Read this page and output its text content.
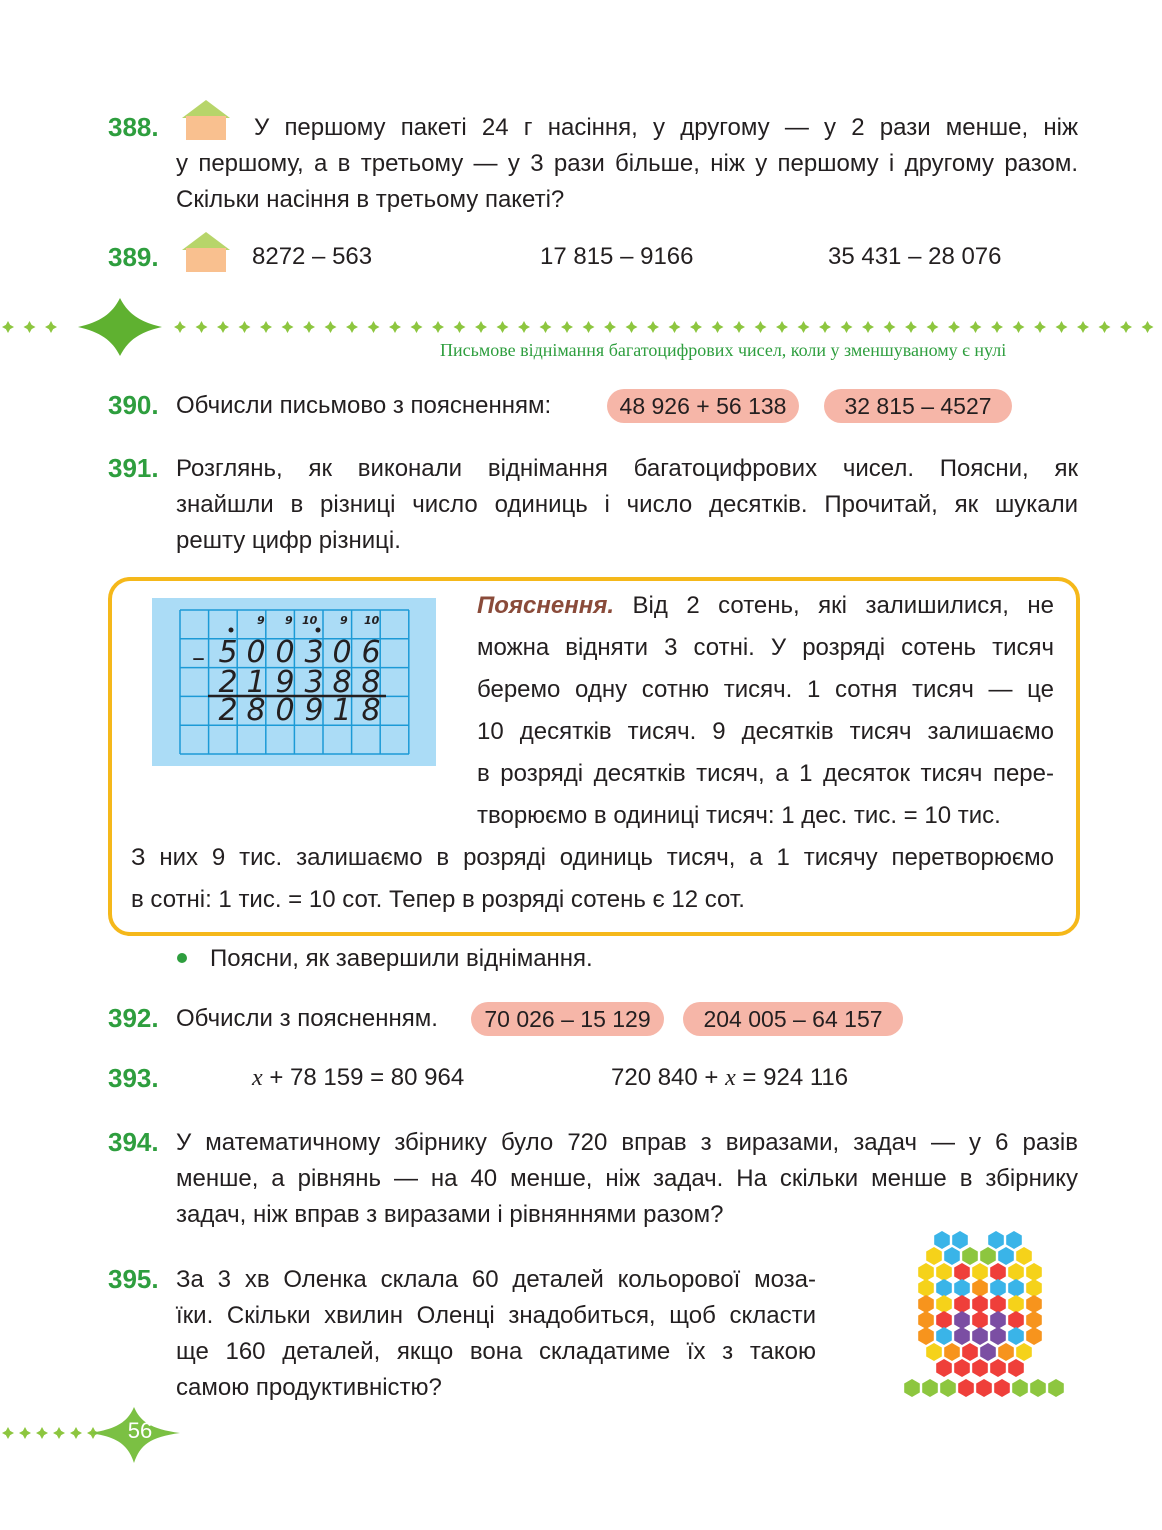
388.	У першому пакеті 24 г насіння, у другому — у 2 рази менше, ніж
у першому, а в третьому — у 3 рази більше, ніж у першому і другому разом.
Скільки насіння в третьому пакеті?
389.	8272 – 563	17 815 – 9166	35 431 – 28 076
Письмове віднімання багатоцифрових чисел, коли у зменшуваному є нулі
390. Обчисли письмово з поясненням:	48 926 + 56 138	32 815 – 4527
391. Розглянь, як виконали віднімання багатоцифрових чисел. Поясни, як
знайшли в різниці число одиниць і число десятків. Прочитай, як шукали
решту цифр різниці.
9 9 10 9 10
– 5 0 0 3 0 6
2 1 9 3 8 8
2 8 0 9 1 8
Пояснення. Від 2 сотень, які залишилися, не
можна відняти 3 сотні. У розряді сотень тисяч
беремо одну сотню тисяч. 1 сотня тисяч — це
10 десятків тисяч. 9 десятків тисяч залишаємо
в розряді десятків тисяч, а 1 десяток тисяч пере-
творюємо в одиниці тисяч: 1 дес. тис. = 10 тис.
З них 9 тис. залишаємо в розряді одиниць тисяч, а 1 тисячу перетворюємо
в сотні: 1 тис. = 10 сот. Тепер в розряді сотень є 12 сот.
Поясни, як завершили віднімання.
392. Обчисли з поясненням.	70 026 – 15 129	204 005 – 64 157
393.	x + 78 159 = 80 964	720 840 + x = 924 116
394. У математичному збірнику було 720 вправ з виразами, задач — у 6 разів
менше, а рівнянь — на 40 менше, ніж задач. На скільки менше в збірнику
задач, ніж вправ з виразами і рівняннями разом?
395. За 3 хв Оленка склала 60 деталей кольорової моза-
їки. Скільки хвилин Оленці знадобиться, щоб скласти
ще 160 деталей, якщо вона складатиме їх з такою
самою продуктивністю?
56
